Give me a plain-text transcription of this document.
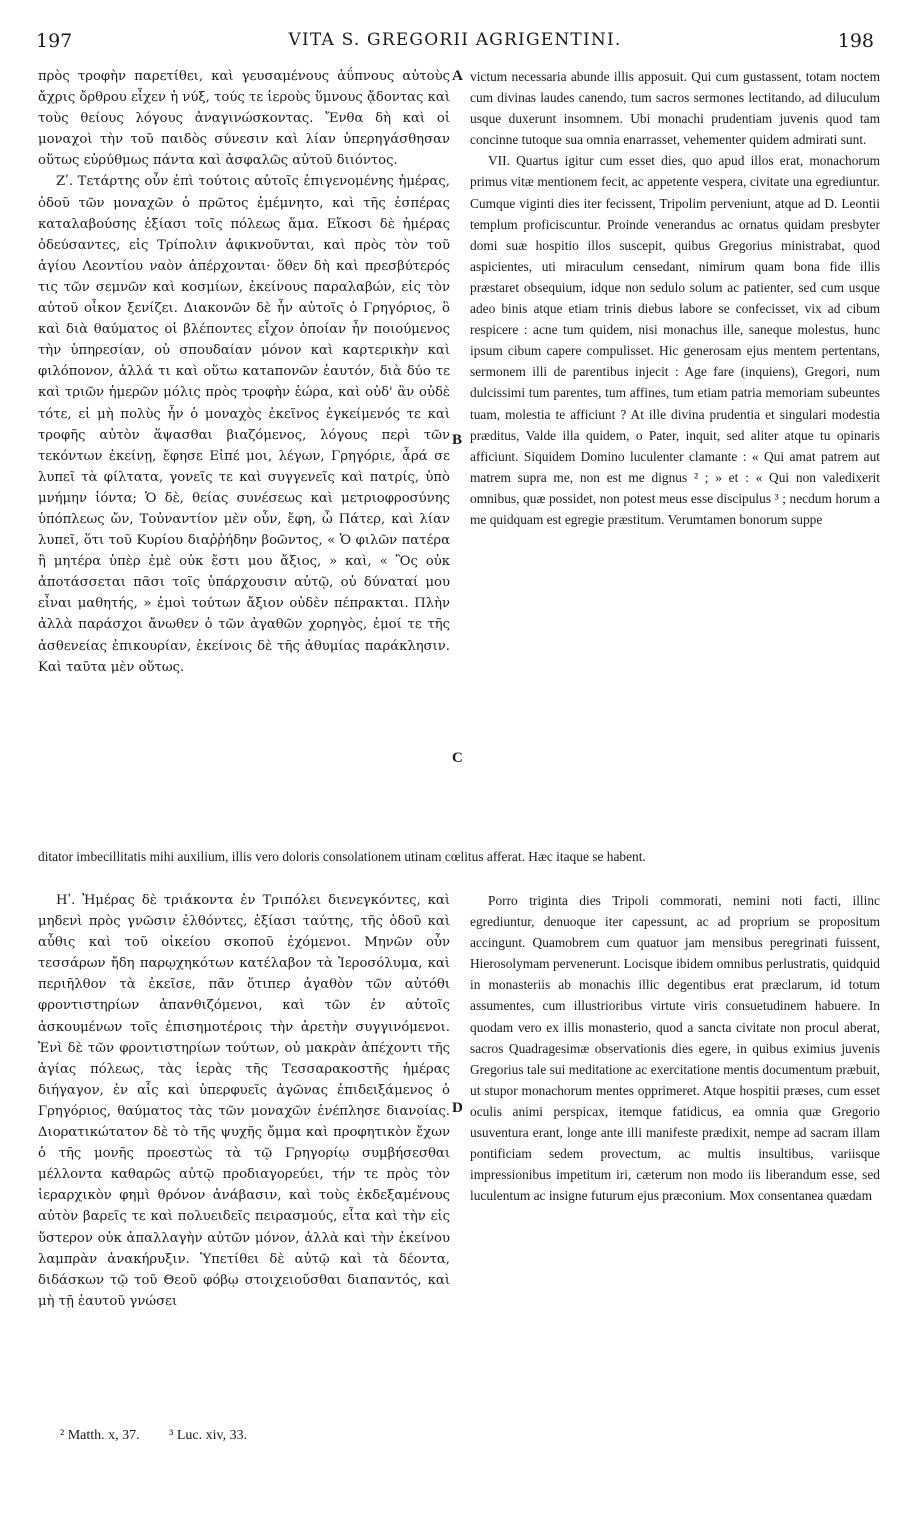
197	VITA S. GREGORII AGRIGENTINI.	198

πρὸς τροφὴν παρετίθει, καὶ γευσαμένους ἀΰπνους αὐτοὺς ἄχρις ὄρθρου εἶχεν ἡ νύξ, τούς τε ἱεροὺς ὕμνους ᾄδοντας καὶ τοὺς θείους λόγους ἀναγινώσκοντας. Ἔνθα δὴ καὶ οἱ μοναχοὶ τὴν τοῦ παιδὸς σύνεσιν καὶ λίαν ὑπερηγάσθησαν οὕτως εὐρύθμως πάντα καὶ ἀσφαλῶς αὐτοῦ διιόντος.

Ζʹ. Τετάρτης οὖν ἐπὶ τούτοις αὐτοῖς ἐπιγενομένης ἡμέρας, ὁδοῦ τῶν μοναχῶν ὁ πρῶτος ἐμέμνητο, καὶ τῆς ἑσπέρας καταλαβούσης ἐξίασι τοῖς πόλεως ἅμα. Εἴκοσι δὲ ἡμέρας ὁδεύσαντες, εἰς Τρίπολιν ἀφικνοῦνται, καὶ πρὸς τὸν τοῦ ἁγίου Λεοντίου ναὸν ἀπέρχονται· ὅθεν δὴ καὶ πρεσβύτερός τις τῶν σεμνῶν καὶ κοσμίων, ἐκείνους παραλαβών, εἰς τὸν αὐτοῦ οἶκον ξενίζει. Διακονῶν δὲ ἦν αὐτοῖς ὁ Γρηγόριος, ὃ καὶ διὰ θαύματος οἱ βλέποντες εἶχον ὁποίαν ἦν ποιούμενος τὴν ὑπηρεσίαν, οὐ σπουδαίαν μόνον καὶ καρτερικὴν καὶ φιλόπονον, ἀλλά τι καὶ οὕτω κατaπονῶν ἑαυτόν, διὰ δύο τε καὶ τριῶν ἡμερῶν μόλις πρὸς τροφὴν ἑώρα, καὶ οὐδ' ἂν οὐδὲ τότε, εἰ μὴ πολὺς ἦν ὁ μοναχὸς ἐκεῖνος ἐγκείμενός τε καὶ τροφῆς αὐτὸν ἅψασθαι βιαζόμενος, λόγους περὶ τῶν τεκόντων ἐκείνῃ, ἔφησε Εἰπέ μοι, λέγων, Γρηγόριε, ἆρά σε λυπεῖ τὰ φίλτατα, γονεῖς τε καὶ συγγενεῖς καὶ πατρίς, ὑπὸ μνήμην ἰόντα; Ὁ δὲ, θείας συνέσεως καὶ μετριοφροσύνης ὑπόπλεως ὤν, Τοὐναντίον μὲν οὖν, ἔφη, ὦ Πάτερ, καὶ λίαν λυπεῖ, ὅτι τοῦ Κυρίου διαῤῥήδην βοῶντος, « Ὁ φιλῶν πατέρα ἢ μητέρα ὑπὲρ ἐμὲ οὐκ ἔστι μου ἄξιος, » καὶ, « Ὃς οὐκ ἀποτάσσεται πᾶσι τοῖς ὑπάρχουσιν αὐτῷ, οὐ δύναταί μου εἶναι μαθητής, » ἐμοὶ τούτων ἄξιον οὐδὲν πέπρακται. Πλὴν ἀλλὰ παράσχοι ἄνωθεν ὁ τῶν ἀγαθῶν χορηγὸς, ἐμοί τε τῆς ἀσθενείας ἐπικουρίαν, ἐκείνοις δὲ τῆς ἀθυμίας παράκλησιν. Καὶ ταῦτα μὲν οὕτως.

victum necessaria abunde illis apposuit. Qui cum gustassent, totam noctem cum divinas laudes canendo, tum sacros sermones lectitando, ad diluculum usque duxerunt insomnem. Ubi monachi prudentiam juvenis quod tam concinne tutoque sua omnia enarrasset, vehementer quidem admirati sunt.

VII. Quartus igitur cum esset dies, quo apud illos erat, monachorum primus vitæ mentionem fecit, ac appetente vespera, civitate una egrediuntur. Cumque viginti dies iter fecissent, Tripolim perveniunt, atque ad D. Leontii templum proficiscuntur. Proinde venerandus ac ornatus quidam presbyter domi suæ hospitio illos suscepit, quibus Gregorius ministrabat, quod aspicientes, uti miraculum censedant, nimirum quam bona fide illis præstaret obsequium, idque non sedulo solum ac patienter, sed cum usque adeo binis atque etiam trinis diebus labore se confecisset, vix ad cibum respicere : acne tum quidem, nisi monachus ille, saneque molestus, hunc ipsum cibum capere compulisset. Hic generosam ejus mentem pertentans, sermonem illi de parentibus injecit : Age fare (inquiens), Gregori, num dulcissimi tum parentes, tum affines, tum etiam patria memoriam subeuntes tuam, molestia te afficiunt ? At ille divina prudentia et singulari modestia præditus, Valde illa quidem, o Pater, inquit, sed aliter atque tu opinaris afficiunt. Siquidem Domino luculenter clamante : « Qui amat patrem aut matrem supra me, non est me dignus ² ; » et : « Qui non valedixerit omnibus, quæ possidet, non potest meus esse discipulus ³ ; necdum horum a me quidquam est egregie præstitum. Verumtamen bonorum suppe

A
B
C
ditator imbecillitatis mihi auxilium, illis vero doloris consolationem utinam cœlitus afferat. Hæc itaque se habent.

Ηʹ. Ἡμέρας δὲ τριάκοντα ἐν Τριπόλει διενεγκόντες, καὶ μηδενὶ πρὸς γνῶσιν ἐλθόντες, ἐξίασι ταύτης, τῆς ὁδοῦ καὶ αὖθις καὶ τοῦ οἰκείου σκοποῦ ἐχόμενοι. Μηνῶν οὖν τεσσάρων ἤδη παρῳχηκότων κατέλαβον τὰ Ἱεροσόλυμα, καὶ περιῆλθον τὰ ἐκεῖσε, πᾶν ὅτιπερ ἀγαθὸν τῶν αὐτόθι φροντιστηρίων ἀπανθιζόμενοι, καὶ τῶν ἐν αὐτοῖς ἀσκουμένων τοῖς ἐπισημοτέροις τὴν ἀρετὴν συγγινόμενοι. Ἐνὶ δὲ τῶν φροντιστηρίων τούτων, οὐ μακρὰν ἀπέχοντι τῆς ἁγίας πόλεως, τὰς ἱερὰς τῆς Τεσσαρακοστῆς ἡμέρας διήγαγον, ἐν αἷς καὶ ὑπερφυεῖς ἀγῶνας ἐπιδειξάμενος ὁ Γρηγόριος, θαύματος τὰς τῶν μοναχῶν ἐνέπλησε διανοίας. Διορατικώτατον δὲ τὸ τῆς ψυχῆς ὄμμα καὶ προφητικὸν ἔχων ὁ τῆς μονῆς προεστὼς τὰ τῷ Γρηγορίῳ συμβήσεσθαι μέλλοντα καθαρῶς αὐτῷ προδιαγορεύει, τήν τε πρὸς τὸν ἱεραρχικὸν φημὶ θρόνον ἀνάβασιν, καὶ τοὺς ἐκδεξαμένους αὐτὸν βαρεῖς τε καὶ πολυειδεῖς πειρασμούς, εἶτα καὶ τὴν εἰς ὕστερον οὐκ ἀπαλλαγὴν αὐτῶν μόνον, ἀλλὰ καὶ τὴν ἐκείνου λαμπρὰν ἀνακήρυξιν. Ὑπετίθει δὲ αὐτῷ καὶ τὰ δέοντα, διδάσκων τῷ τοῦ Θεοῦ φόβῳ στοιχειοῦσθαι διαπαντός, καὶ μὴ τῇ ἑαυτοῦ γνώσει

Porro triginta dies Tripoli commorati, nemini noti facti, illinc egrediuntur, denuoque iter capessunt, ac ad proprium se propositum accingunt. Quamobrem cum quatuor jam mensibus peregrinati fuissent, Hierosolymam pervenerunt. Locisque ibidem omnibus perlustratis, quidquid in monasteriis ab monachis illic degentibus erat præclarum, id totum assumentes, cum illustrioribus virtute viris consuetudinem habuere. In quodam vero ex illis monasterio, quod a sancta civitate non procul aberat, sacros Quadragesimæ observationis dies egere, in quibus eximius juvenis Gregorius tale sui meditatione ac exercitatione mentis documentum præbuit, ut stupor monachorum mentes opprimeret. Atque hospitii præses, cum esset oculis animi perspicax, itemque fatidicus, ea omnia quæ Gregorio usuventura erant, longe ante illi manifeste prædixit, nempe ad sacram illam pontificiam sedem provectum, ac multis insultibus, variisque impressionibus impetitum iri, cæterum non modo iis liberandum esse, sed luculentum ac insigne futurum ejus præconium. Mox consentanea quædam

D
² Matth. x, 37. ³ Luc. xiv, 33.
